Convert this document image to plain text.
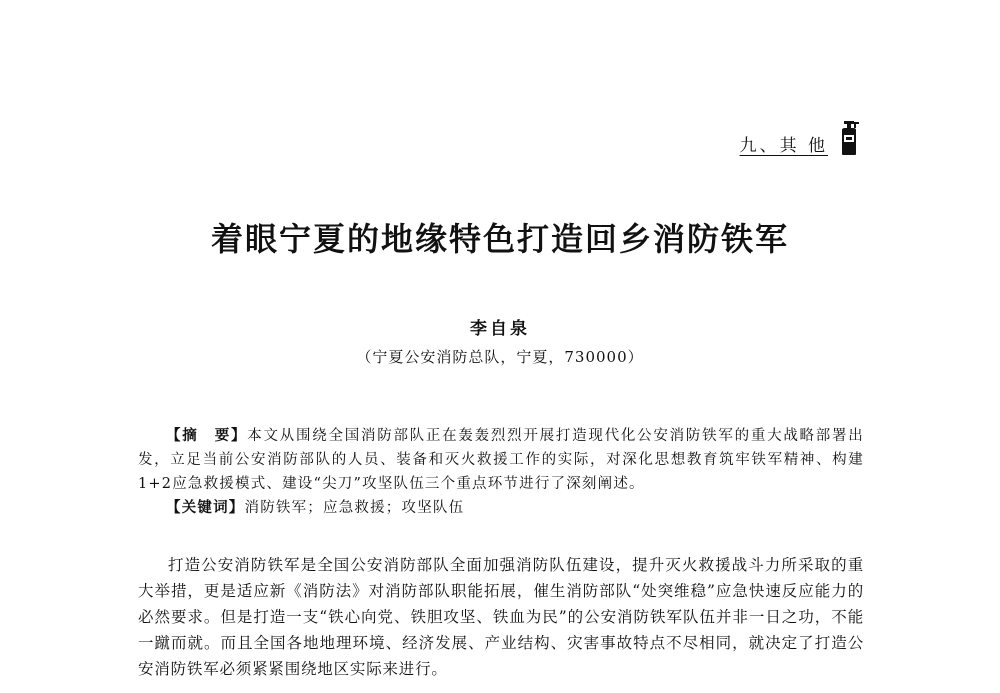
九、其 他
着眼宁夏的地缘特色打造回乡消防铁军
李自泉
（宁夏公安消防总队，宁夏，730000）

【摘　要】本文从围绕全国消防部队正在轰轰烈烈开展打造现代化公安消防铁军的重大战略部署出发，立足当前公安消防部队的人员、装备和灭火救援工作的实际，对深化思想教育筑牢铁军精神、构建1+2应急救援模式、建设“尖刀”攻坚队伍三个重点环节进行了深刻阐述。

【关键词】消防铁军；应急救援；攻坚队伍

打造公安消防铁军是全国公安消防部队全面加强消防队伍建设，提升灭火救援战斗力所采取的重大举措，更是适应新《消防法》对消防部队职能拓展，催生消防部队“处突维稳”应急快速反应能力的必然要求。但是打造一支“铁心向党、铁胆攻坚、铁血为民”的公安消防铁军队伍并非一日之功，不能一蹴而就。而且全国各地地理环境、经济发展、产业结构、灾害事故特点不尽相同，就决定了打造公安消防铁军必须紧紧围绕地区实际来进行。
